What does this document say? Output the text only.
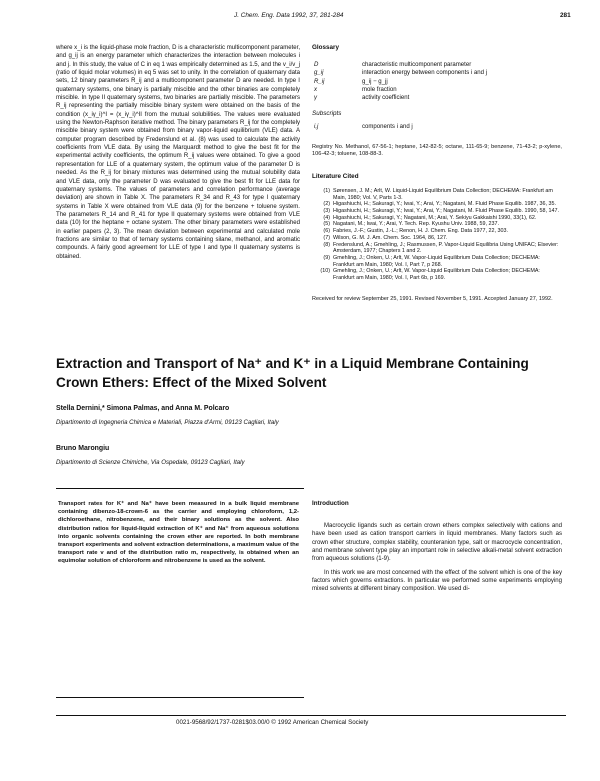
J. Chem. Eng. Data 1992, 37, 281-284	281

where x_i is the liquid-phase mole fraction, D is a characteristic multicomponent parameter, and g_ij is an energy parameter which characterizes the interaction between molecules i and j. In this study, the value of C in eq 1 was empirically determined as 1.5, and the v_i/v_j (ratio of liquid molar volumes) in eq 5 was set to unity. In the correlation of quaternary data sets, 12 binary parameters R_ij and a multicomponent parameter D are needed. In type I quaternary systems, one binary is partially miscible and the other binaries are completely miscible. In type II quaternary systems, two binaries are partially miscible. The parameters R_ij representing the partially miscible binary system were obtained on the basis of the condition (x_iγ_i)^I = (x_iγ_i)^II from the mutual solubilities. The values were evaluated using the Newton-Raphson iterative method. The binary parameters R_ij for the completely miscible binary system were obtained from binary vapor-liquid equilibrium (VLE) data. A computer program described by Fredenslund et al. (8) was used to calculate the activity coefficients from VLE data. By using the Marquardt method to give the best fit for the experimental activity coefficients, the optimum R_ij values were obtained. To give a good representation for LLE of a quaternary system, the optimum value of the parameter D is needed. As the R_ij for binary mixtures was determined using the mutual solubility data and VLE data, only the parameter D was evaluated to give the best fit for LLE data for quaternary systems. The values of parameters and correlation performance (average deviation) are shown in Table X. The parameters R_34 and R_43 for type I quaternary systems in Table X were obtained from VLE data (9) for the benzene + toluene system. The parameters R_14 and R_41 for type II quaternary systems were obtained from VLE data (10) for the heptane + octane system. The other binary parameters were established in earlier papers (2, 3). The mean deviation between experimental and calculated mole fractions are similar to that of ternary systems containing silane, methanol, and aromatic compounds. A fairly good agreement for LLE of type I and type II quaternary systems is obtained.

Glossary

D	characteristic multicomponent parameter
g_ij	interaction energy between components i and j
R_ij	g_ij − g_jj
x	mole fraction
γ	activity coefficient

Subscripts

i,j	components i and j

Registry No. Methanol, 67-56-1; heptane, 142-82-5; octane, 111-65-9; benzene, 71-43-2; p-xylene, 106-42-3; toluene, 108-88-3.

Literature Cited

(1) Sørensen, J. M.; Arlt, W. Liquid-Liquid Equilibrium Data Collection; DECHEMA: Frankfurt am Main, 1980; Vol. V, Parts 1-3.
(2) Higashiuchi, H.; Sakuragi, Y.; Iwai, Y.; Arai, Y.; Nagatani, M. Fluid Phase Equilib. 1987, 36, 35.
(3) Higashiuchi, H.; Sakuragi, Y.; Iwai, Y.; Arai, Y.; Nagatani, M. Fluid Phase Equilib. 1990, 58, 147.
(4) Higashiuchi, H.; Sakuragi, Y.; Nagatani, M.; Arai, Y. Sekiyu Gakkaishi 1990, 33(1), 62.
(5) Nagatani, M.; Iwai, Y.; Arai, Y. Tech. Rep. Kyushu Univ. 1988, 59, 237.
(6) Fabries, J.-F.; Gustin, J.-L.; Renon, H. J. Chem. Eng. Data 1977, 22, 303.
(7) Wilson, G. M. J. Am. Chem. Soc. 1964, 86, 127.
(8) Fredenslund, A.; Gmehling, J.; Rasmussen, P. Vapor-Liquid Equilibria Using UNIFAC; Elsevier: Amsterdam, 1977; Chapters 1 and 2.
(9) Gmehling, J.; Onken, U.; Arlt, W. Vapor-Liquid Equilibrium Data Collection; DECHEMA: Frankfurt am Main, 1980; Vol. I, Part 7, p 268.
(10) Gmehling, J.; Onken, U.; Arlt, W. Vapor-Liquid Equilibrium Data Collection; DECHEMA: Frankfurt am Main, 1980; Vol. I, Part 6b, p 169.

Received for review September 25, 1991. Revised November 5, 1991. Accepted January 27, 1992.

Extraction and Transport of Na⁺ and K⁺ in a Liquid Membrane Containing Crown Ethers: Effect of the Mixed Solvent
Stella Dernini,* Simona Palmas, and Anna M. Polcaro
Dipartimento di Ingegneria Chimica e Materiali, Piazza d'Armi, 09123 Cagliari, Italy
Bruno Marongiu
Dipartimento di Scienze Chimiche, Via Ospedale, 09123 Cagliari, Italy
Transport rates for K⁺ and Na⁺ have been measured in a bulk liquid membrane containing dibenzo-18-crown-6 as the carrier and employing chloroform, 1,2-dichloroethane, nitrobenzene, and their binary solutions as the solvent. Also distribution ratios for liquid-liquid extraction of K⁺ and Na⁺ from aqueous solutions into organic solvents containing the crown ether are reported. In both membrane transport experiments and solvent extraction determinations, a maximum value of the transport rate v and of the distribution ratio m, respectively, is obtained when an equimolar solution of chloroform and nitrobenzene is used as the solvent.
Introduction

Macrocyclic ligands such as certain crown ethers complex selectively with cations and have been used as cation transport carriers in liquid membranes. Many factors such as crown ether structure, complex stability, counteranion type, salt or macrocycle concentration, and membrane solvent type play an important role in selective alkali-metal solvent extraction from aqueous solutions (1-9).

In this work we are most concerned with the effect of the solvent which is one of the key factors which governs extractions. In particular we performed some experiments employing mixed solvents at different binary composition. We used di-

0021-9568/92/1737-0281$03.00/0 © 1992 American Chemical Society
